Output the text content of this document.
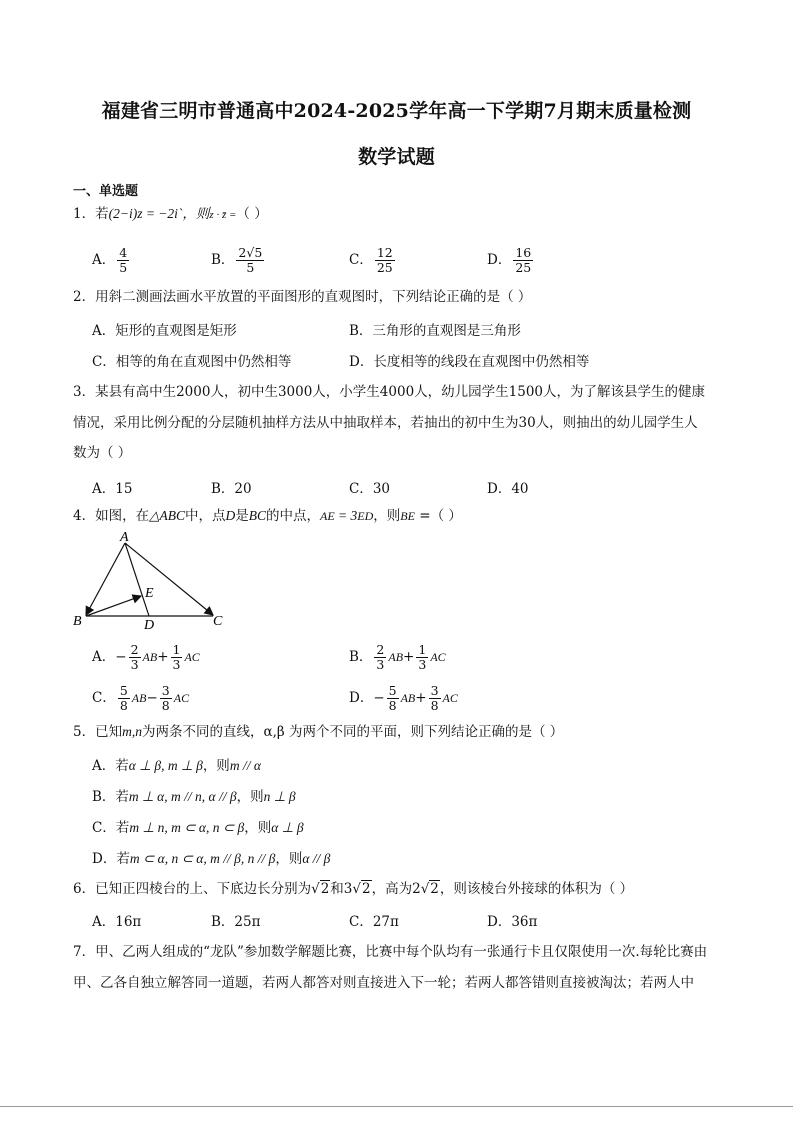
福建省三明市普通高中2024-2025学年高一下学期7月期末质量检测
数学试题
一、单选题
1．若(2−i)z = −2i`，则z · z̄ =（ ）
A． $\frac{4}{5}$	B． $\frac{2√5}{5}$	C． $\frac{12}{25}$	D． $\frac{16}{25}$
2．用斜二测画法画水平放置的平面图形的直观图时，下列结论正确的是（ ）
A．矩形的直观图是矩形	B．三角形的直观图是三角形
C．相等的角在直观图中仍然相等	D．长度相等的线段在直观图中仍然相等
3．某县有高中生2000人，初中生3000人，小学生4000人，幼儿园学生1500人，为了解该县学生的健康
情况，采用比例分配的分层随机抽样方法从中抽取样本，若抽出的初中生为30人，则抽出的幼儿园学生人
数为（ ）
A．15	B．20	C．30	D．40
4．如图，在△ABC中，点D是BC的中点，AE = 3ED，则BE =（ ）
A
B	C
D
E
A．− $\frac{2}{3} AB+ \frac{1}{3}$ AC	B． $\frac{2}{3} AB+ \frac{1}{3}$ AC
C． $\frac{5}{8} AB- \frac{3}{8}$ AC	D．− $\frac{5}{8} AB+ \frac{3}{8}$ AC
5．已知m,n为两条不同的直线，α,β 为两个不同的平面，则下列结论正确的是（ ）
A．若α ⊥ β, m ⊥ β，则m // α
B．若m ⊥ α, m // n, α // β，则n ⊥ β
C．若m ⊥ n, m ⊂ α, n ⊂ β，则α ⊥ β
D．若m ⊂ α, n ⊂ α, m // β, n // β，则α // β
6．已知正四棱台的上、下底边长分别为√2和3√2，高为2√2，则该棱台外接球的体积为（ ）
A．16π	B．25π	C．27π	D．36π
7．甲、乙两人组成的“龙队”参加数学解题比赛，比赛中每个队均有一张通行卡且仅限使用一次.每轮比赛由
甲、乙各自独立解答同一道题，若两人都答对则直接进入下一轮；若两人都答错则直接被淘汰；若两人中
